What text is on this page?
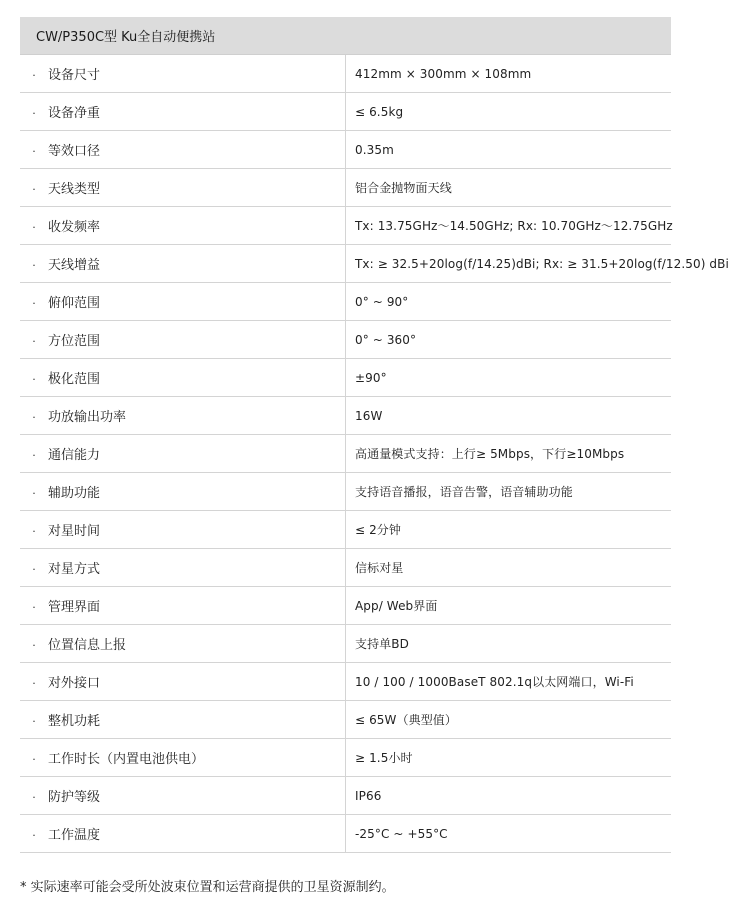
CW/P350C型 Ku全自动便携站	
· 设备尺寸	412mm × 300mm × 108mm
· 设备净重	≤ 6.5kg
· 等效口径	0.35m
· 天线类型	铝合金抛物面天线
· 收发频率	Tx: 13.75GHz～14.50GHz; Rx: 10.70GHz～12.75GHz
· 天线增益	Tx: ≥ 32.5+20log(f/14.25)dBi; Rx: ≥ 31.5+20log(f/12.50) dBi
· 俯仰范围	0° ~ 90°
· 方位范围	0° ~ 360°
· 极化范围	±90°
· 功放输出功率	16W
· 通信能力	高通量模式支持：上行≥ 5Mbps，下行≥10Mbps
· 辅助功能	支持语音播报，语音告警，语音辅助功能
· 对星时间	≤ 2分钟
· 对星方式	信标对星
· 管理界面	App/ Web界面
· 位置信息上报	支持单BD
· 对外接口	10 / 100 / 1000BaseT 802.1q以太网端口，Wi-Fi
· 整机功耗	≤ 65W（典型值）
· 工作时长（内置电池供电）	≥ 1.5小时
· 防护等级	IP66
· 工作温度	-25°C ~ +55°C
* 实际速率可能会受所处波束位置和运营商提供的卫星资源制约。
